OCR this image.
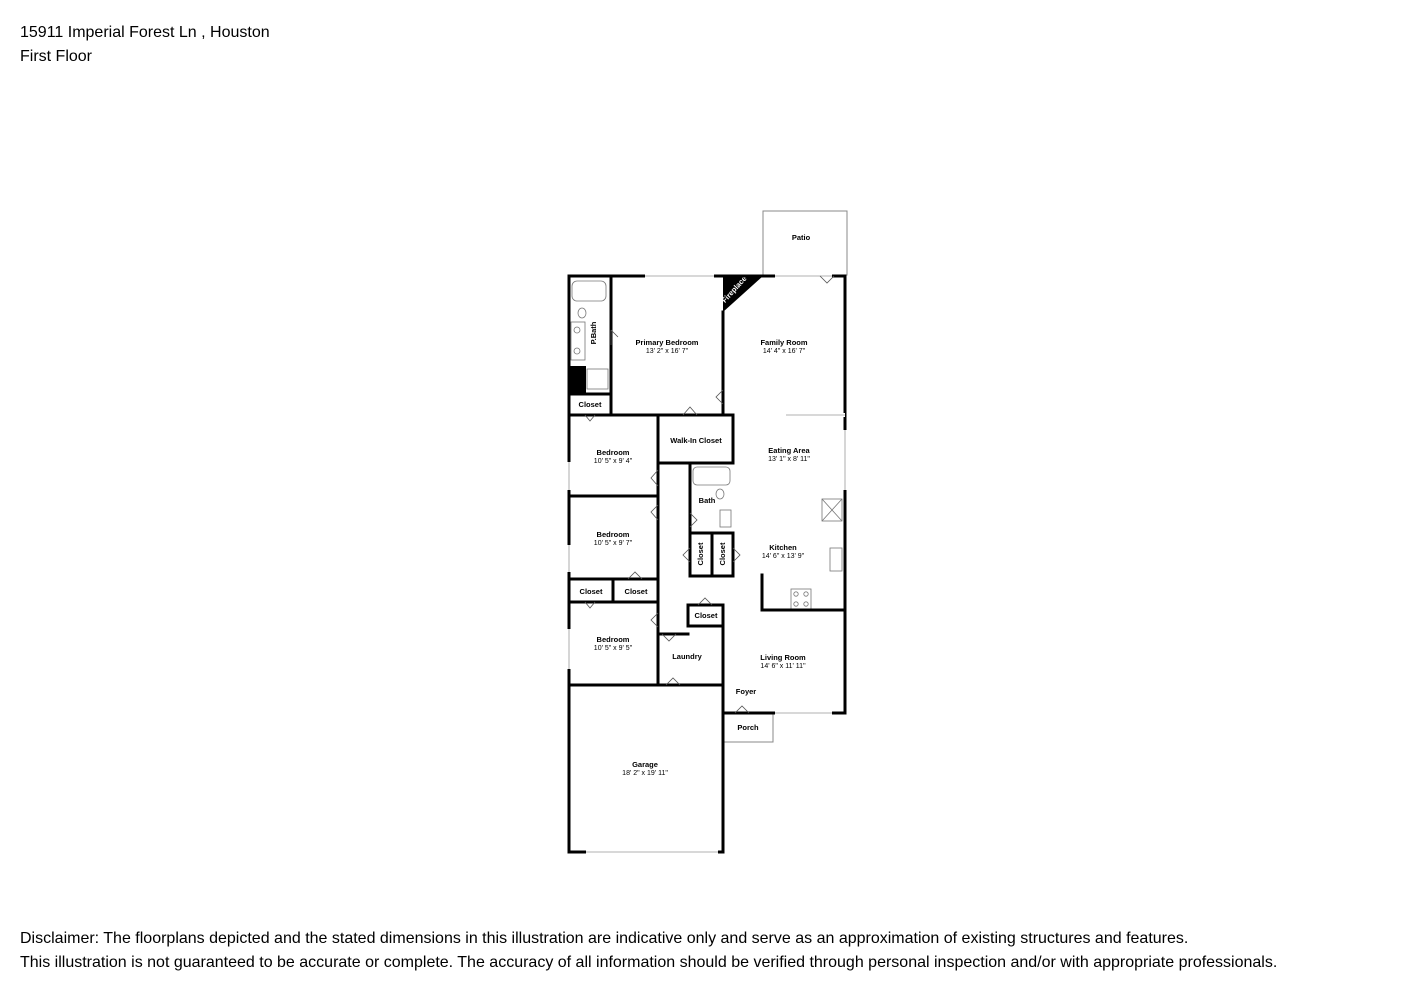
15911 Imperial Forest Ln , Houston
First Floor
Fireplace
Patio
P.Bath	Primary Bedroom
13' 2" x 16' 7"
Family Room
14' 4" x 16' 7"
Closet
Walk-In Closet
Bedroom
10' 5" x 9' 4"
Eating Area
13' 1" x 8' 11"
Bath
Bedroom
10' 5" x 9' 7"	Kitchen
14' 6" x 13' 9"
Closet Closet
Closet	Closet
Closet
Bedroom
10' 5" x 9' 5"
Laundry	Living Room
14' 6" x 11' 11"
Foyer
Porch
Garage
18' 2" x 19' 11"
Disclaimer: The floorplans depicted and the stated dimensions in this illustration are indicative only and serve as an approximation of existing structures and features.
This illustration is not guaranteed to be accurate or complete. The accuracy of all information should be verified through personal inspection and/or with appropriate professionals.
